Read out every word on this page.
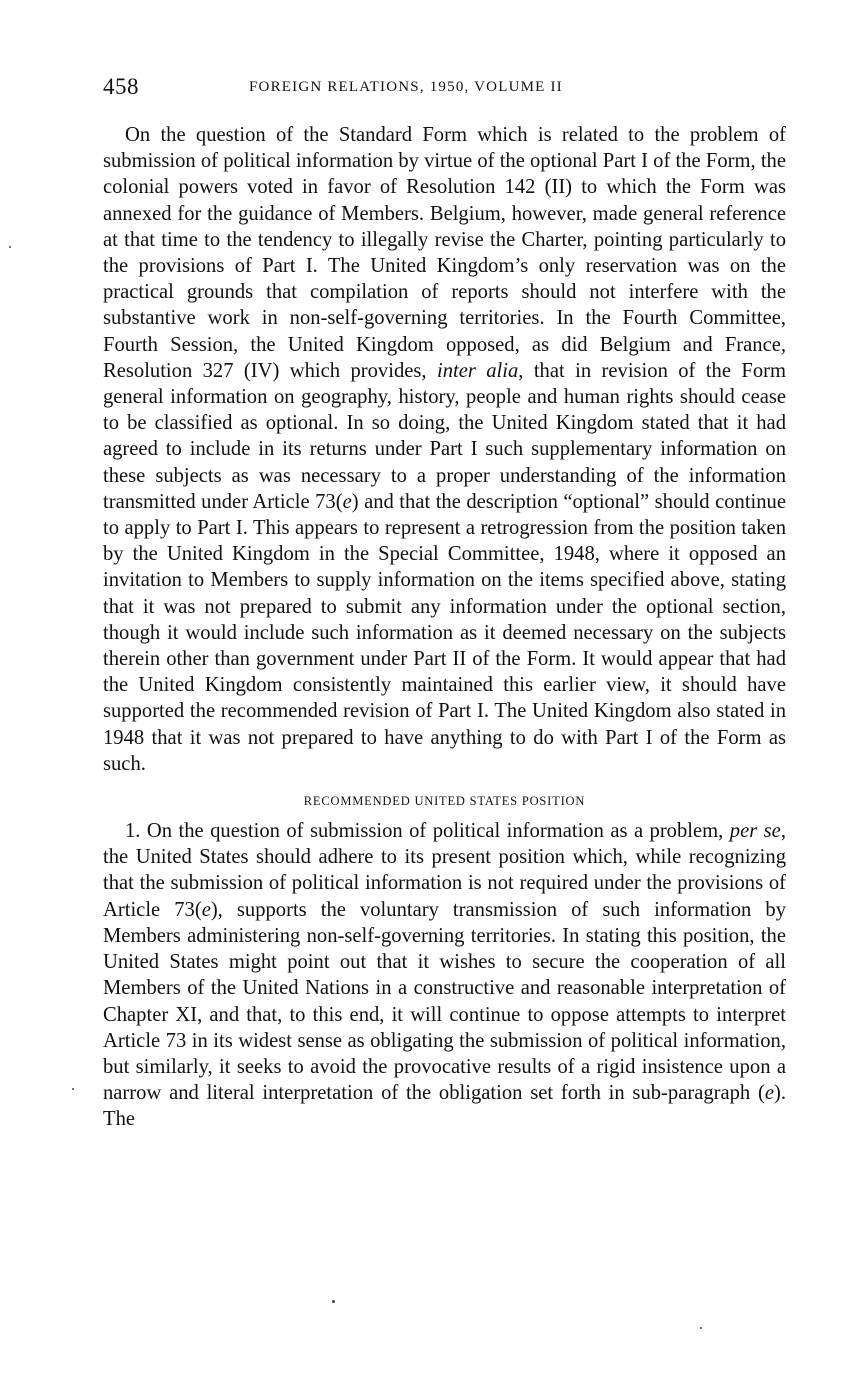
458	FOREIGN RELATIONS, 1950, VOLUME II

On the question of the Standard Form which is related to the problem of submission of political information by virtue of the optional Part I of the Form, the colonial powers voted in favor of Resolution 142 (II) to which the Form was annexed for the guidance of Members. Belgium, however, made general reference at that time to the tendency to illegally revise the Charter, pointing particularly to the provisions of Part I. The United Kingdom’s only reservation was on the practical grounds that compilation of reports should not interfere with the substantive work in non-self-governing territories. In the Fourth Committee, Fourth Session, the United Kingdom opposed, as did Belgium and France, Resolution 327 (IV) which provides, inter alia, that in revision of the Form general information on geography, history, people and human rights should cease to be classified as optional. In so doing, the United Kingdom stated that it had agreed to include in its returns under Part I such supplementary information on these subjects as was necessary to a proper understanding of the information transmitted under Article 73(e) and that the description “optional” should continue to apply to Part I. This appears to represent a retrogression from the position taken by the United Kingdom in the Special Committee, 1948, where it opposed an invitation to Members to supply information on the items specified above, stating that it was not prepared to submit any information under the optional section, though it would include such information as it deemed necessary on the subjects therein other than government under Part II of the Form. It would appear that had the United Kingdom consistently maintained this earlier view, it should have supported the recommended revision of Part I. The United Kingdom also stated in 1948 that it was not prepared to have anything to do with Part I of the Form as such.

RECOMMENDED UNITED STATES POSITION

1. On the question of submission of political information as a problem, per se, the United States should adhere to its present position which, while recognizing that the submission of political information is not required under the provisions of Article 73(e), supports the voluntary transmission of such information by Members administering non-self-governing territories. In stating this position, the United States might point out that it wishes to secure the cooperation of all Members of the United Nations in a constructive and reasonable interpretation of Chapter XI, and that, to this end, it will continue to oppose attempts to interpret Article 73 in its widest sense as obligating the submission of political information, but similarly, it seeks to avoid the provocative results of a rigid insistence upon a narrow and literal interpretation of the obligation set forth in sub-paragraph (e). The
